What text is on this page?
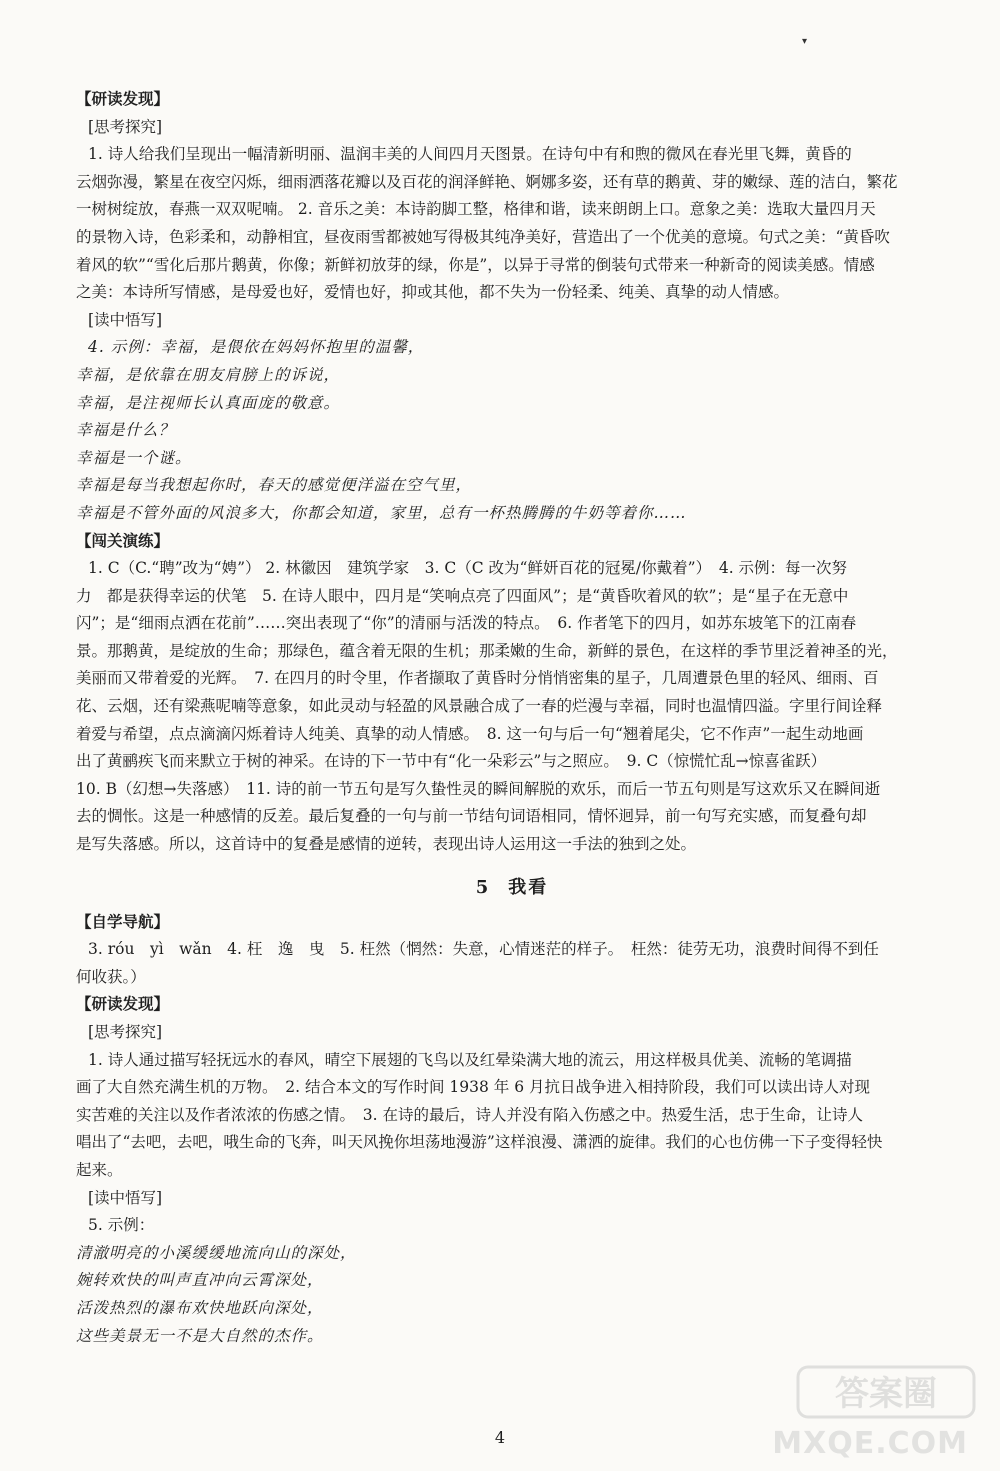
▾
【研读发现】
[思考探究]
1. 诗人给我们呈现出一幅清新明丽、温润丰美的人间四月天图景。在诗句中有和煦的微风在春光里飞舞，黄昏的
云烟弥漫，繁星在夜空闪烁，细雨洒落花瓣以及百花的润泽鲜艳、婀娜多姿，还有草的鹅黄、芽的嫩绿、莲的洁白，繁花
一树树绽放，春燕一双双呢喃。 2. 音乐之美：本诗韵脚工整，格律和谐，读来朗朗上口。意象之美：选取大量四月天
的景物入诗，色彩柔和，动静相宜，昼夜雨雪都被她写得极其纯净美好，营造出了一个优美的意境。句式之美：“黄昏吹
着风的软”“雪化后那片鹅黄，你像；新鲜初放芽的绿，你是”，以异于寻常的倒装句式带来一种新奇的阅读美感。情感
之美：本诗所写情感，是母爱也好，爱情也好，抑或其他，都不失为一份轻柔、纯美、真挚的动人情感。
[读中悟写]
4. 示例：幸福，是偎依在妈妈怀抱里的温馨，
幸福，是依靠在朋友肩膀上的诉说，
幸福，是注视师长认真面庞的敬意。
幸福是什么？
幸福是一个谜。
幸福是每当我想起你时，春天的感觉便洋溢在空气里，
幸福是不管外面的风浪多大，你都会知道，家里，总有一杯热腾腾的牛奶等着你……
【闯关演练】
1. C（C.“聘”改为“娉”） 2. 林徽因　建筑学家　3. C（C 改为“鲜妍百花的冠冕/你戴着”）　4. 示例：每一次努
力　都是获得幸运的伏笔　5. 在诗人眼中，四月是“笑响点亮了四面风”；是“黄昏吹着风的软”；是“星子在无意中
闪”；是“细雨点洒在花前”……突出表现了“你”的清丽与活泼的特点。　6. 作者笔下的四月，如苏东坡笔下的江南春
景。那鹅黄，是绽放的生命；那绿色，蕴含着无限的生机；那柔嫩的生命，新鲜的景色，在这样的季节里泛着神圣的光，
美丽而又带着爱的光辉。　7. 在四月的时令里，作者撷取了黄昏时分悄悄密集的星子，几周遭景色里的轻风、细雨、百
花、云烟，还有梁燕呢喃等意象，如此灵动与轻盈的风景融合成了一春的烂漫与幸福，同时也温情四溢。字里行间诠释
着爱与希望，点点滴滴闪烁着诗人纯美、真挚的动人情感。　8. 这一句与后一句“翘着尾尖，它不作声”一起生动地画
出了黄鹂疾飞而来默立于树的神采。在诗的下一节中有“化一朵彩云”与之照应。　9. C（惊慌忙乱→惊喜雀跃）
10. B（幻想→失落感）　11. 诗的前一节五句是写久蛰性灵的瞬间解脱的欢乐，而后一节五句则是写这欢乐又在瞬间逝
去的惆怅。这是一种感情的反差。最后复叠的一句与前一节结句词语相同，情怀迥异，前一句写充实感，而复叠句却
是写失落感。所以，这首诗中的复叠是感情的逆转，表现出诗人运用这一手法的独到之处。
5 我看
【自学导航】
3. róu　yì　wǎn　4. 枉　逸　曳　5. 枉然（惘然：失意，心情迷茫的样子。　枉然：徒劳无功，浪费时间得不到任
何收获。）
【研读发现】
[思考探究]
1. 诗人通过描写轻抚远水的春风，晴空下展翅的飞鸟以及红晕染满大地的流云，用这样极具优美、流畅的笔调描
画了大自然充满生机的万物。　2. 结合本文的写作时间 1938 年 6 月抗日战争进入相持阶段，我们可以读出诗人对现
实苦难的关注以及作者浓浓的伤感之情。　3. 在诗的最后，诗人并没有陷入伤感之中。热爱生活，忠于生命，让诗人
唱出了“去吧，去吧，哦生命的飞奔，叫天风挽你坦荡地漫游”这样浪漫、潇洒的旋律。我们的心也仿佛一下子变得轻快
起来。
[读中悟写]
5. 示例：
清澈明亮的小溪缓缓地流向山的深处，
婉转欢快的叫声直冲向云霄深处，
活泼热烈的瀑布欢快地跃向深处，
这些美景无一不是大自然的杰作。
4
答案圈
MXQE.COM
